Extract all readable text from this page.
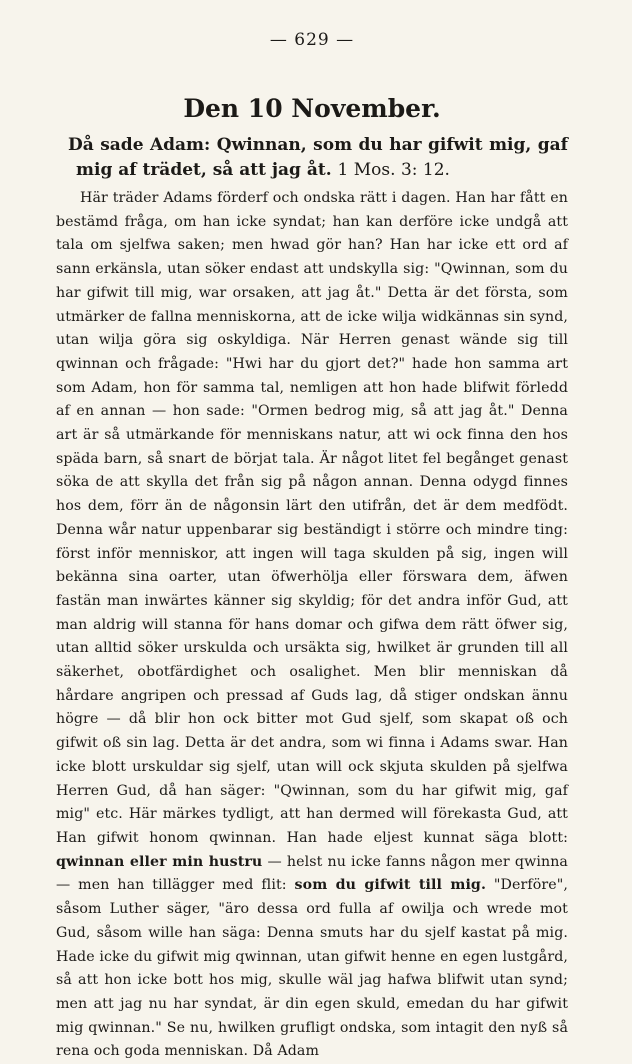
— 629 —
Den 10 November.

Då sade Adam: Qwinnan, som du har gifwit mig, gaf mig af trädet, så att jag åt. 1 Mos. 3: 12.

Här träder Adams förderf och ondska rätt i dagen. Han har fått en bestämd fråga, om han icke syndat; han kan derföre icke undgå att tala om sjelfwa saken; men hwad gör han? Han har icke ett ord af sann erkänsla, utan söker endast att undskylla sig: "Qwinnan, som du har gifwit till mig, war orsaken, att jag åt." Detta är det första, som utmärker de fallna menniskorna, att de icke wilja widkännas sin synd, utan wilja göra sig oskyldiga. När Herren genast wände sig till qwinnan och frågade: "Hwi har du gjort det?" hade hon samma art som Adam, hon för samma tal, nemligen att hon hade blifwit förledd af en annan — hon sade: "Ormen bedrog mig, så att jag åt." Denna art är så utmärkande för menniskans natur, att wi ock finna den hos späda barn, så snart de börjat tala. Är något litet fel begånget genast söka de att skylla det från sig på någon annan. Denna odygd finnes hos dem, förr än de någonsin lärt den utifrån, det är dem medfödt. Denna wår natur uppenbarar sig beständigt i större och mindre ting: först inför menniskor, att ingen will taga skulden på sig, ingen will bekänna sina oarter, utan öfwerhölja eller förswara dem, äfwen fastän man inwärtes känner sig skyldig; för det andra inför Gud, att man aldrig will stanna för hans domar och gifwa dem rätt öfwer sig, utan alltid söker urskulda och ursäkta sig, hwilket är grunden till all säkerhet, obotfärdighet och osalighet. Men blir menniskan då hårdare angripen och pressad af Guds lag, då stiger ondskan ännu högre — då blir hon ock bitter mot Gud sjelf, som skapat oß och gifwit oß sin lag. Detta är det andra, som wi finna i Adams swar. Han icke blott urskuldar sig sjelf, utan will ock skjuta skulden på sjelfwa Herren Gud, då han säger: "Qwinnan, som du har gifwit mig, gaf mig" etc. Här märkes tydligt, att han dermed will förekasta Gud, att Han gifwit honom qwinnan. Han hade eljest kunnat säga blott: qwinnan eller min hustru — helst nu icke fanns någon mer qwinna — men han tillägger med flit: som du gifwit till mig. "Derföre", såsom Luther säger, "äro dessa ord fulla af owilja och wrede mot Gud, såsom wille han säga: Denna smuts har du sjelf kastat på mig. Hade icke du gifwit mig qwinnan, utan gifwit henne en egen lustgård, så att hon icke bott hos mig, skulle wäl jag hafwa blifwit utan synd; men att jag nu har syndat, är din egen skuld, emedan du har gifwit mig qwinnan." Se nu, hwilken grufligt ondska, som intagit den nyß så rena och goda menniskan. Då Adam
